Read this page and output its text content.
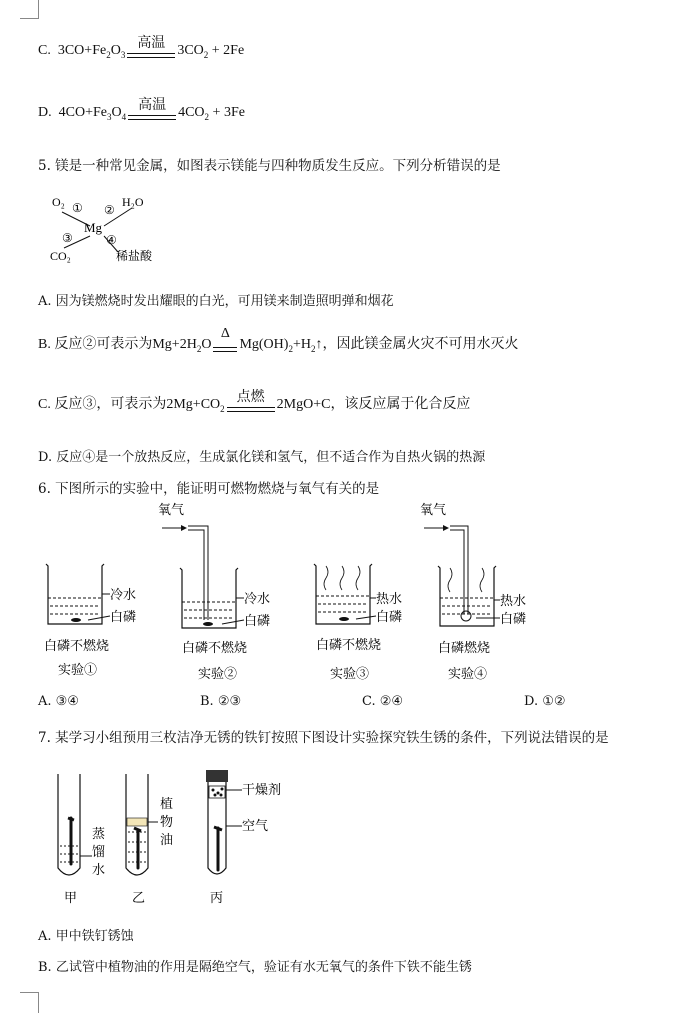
C. $3CO+Fe_2O_3$
高温 $3CO_2 + 2Fe$
D. $4CO+Fe_3O_4$
高温 $4CO_2 + 3Fe$
5. 镁是一种常见金属，如图表示镁能与四种物质发生反应。下列分析错误的是
O₂ ① ②
H₂O
Mg
③	④
CO₂	稀盐酸
A. 因为镁燃烧时发出耀眼的白光，可用镁来制造照明弹和烟花
B. 反应②可表示为$Mg+2H_2O$
Δ
$Mg(OH)_2+H_2↑$，因此镁金属火灾不可用水灭火
C. 反应③，可表示为$2Mg+CO_2$
点燃 2MgO+C，该反应属于化合反应
D. 反应④是一个放热反应，生成氯化镁和氢气，但不适合作为自热火锅的热源
6. 下图所示的实验中，能证明可燃物燃烧与氧气有关的是
冷水
白磷
白磷不燃烧
实验①
氧气
冷水
白磷
白磷不燃烧
实验②
热水
白磷
白磷不燃烧
实验③
氧气
热水
白磷
白磷燃烧
实验④
A. ③④	B. ②③	C. ②④	D. ①②
7. 某学习小组预用三枚洁净无锈的铁钉按照下图设计实验探究铁生锈的条件，下列说法错误的是
蒸
馏
水
甲
植
物
油
乙
干燥剂
空气
丙
A. 甲中铁钉锈蚀
B. 乙试管中植物油的作用是隔绝空气，验证有水无氧气的条件下铁不能生锈
